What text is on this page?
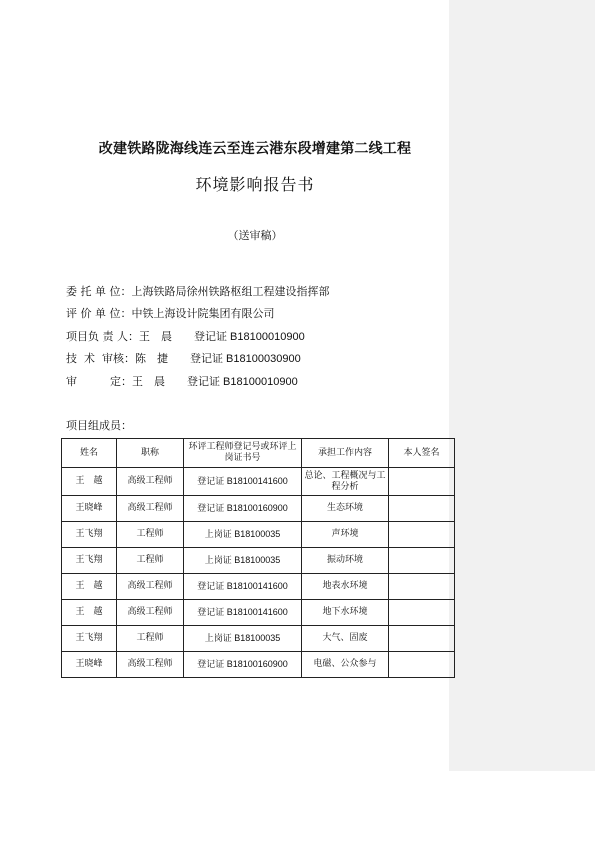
改建铁路陇海线连云至连云港东段增建第二线工程
环境影响报告书
（送审稿）
委 托 单 位：上海铁路局徐州铁路枢组工程建设指挥部
评 价 单 位：中铁上海设计院集团有限公司
项目负 责 人：王　晨 登记证 B18100010900
技  术  审核：陈　捷 登记证 B18100030900
审　　　定：王　晨 登记证 B18100010900
项目组成员：
姓名	职称	环评工程师登记号或环评上岗证书号	承担工作内容	本人签名
王　越	高级工程师	登记证 B18100141600	总论、工程概况与工程分析	
王晓峰	高级工程师	登记证 B18100160900	生态环境	
王飞翔	工程师	上岗证 B18100035	声环境	
王飞翔	工程师	上岗证 B18100035	振动环境	
王　越	高级工程师	登记证 B18100141600	地表水环境	
王　越	高级工程师	登记证 B18100141600	地下水环境	
王飞翔	工程师	上岗证 B18100035	大气、固废	
王晓峰	高级工程师	登记证 B18100160900	电磁、公众参与	
